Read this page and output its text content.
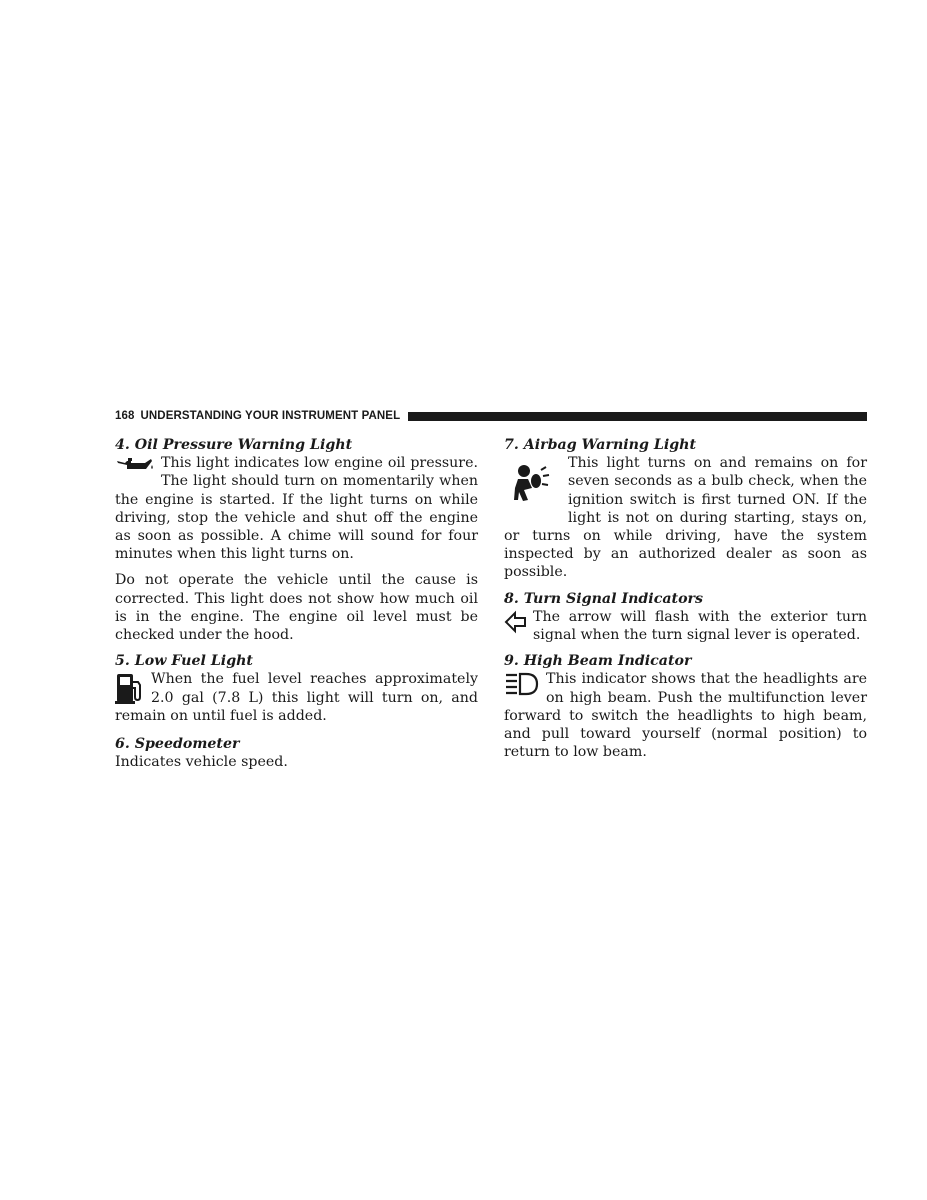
168 UNDERSTANDING YOUR INSTRUMENT PANEL

4. Oil Pressure Warning Light

This light indicates low engine oil pressure. The light should turn on momentarily when the engine is started. If the light turns on while driving, stop the vehicle and shut off the engine as soon as possible. A chime will sound for four minutes when this light turns on.

Do not operate the vehicle until the cause is corrected. This light does not show how much oil is in the engine. The engine oil level must be checked under the hood.

5. Low Fuel Light

When the fuel level reaches approximately 2.0 gal (7.8 L) this light will turn on, and remain on until fuel is added.

6. Speedometer

Indicates vehicle speed.

7. Airbag Warning Light

This light turns on and remains on for seven seconds as a bulb check, when the ignition switch is first turned ON. If the light is not on during starting, stays on, or turns on while driving, have the system inspected by an authorized dealer as soon as possible.

8. Turn Signal Indicators

The arrow will flash with the exterior turn signal when the turn signal lever is operated.

9. High Beam Indicator

This indicator shows that the headlights are on high beam. Push the multifunction lever forward to switch the headlights to high beam, and pull toward yourself (normal position) to return to low beam.
